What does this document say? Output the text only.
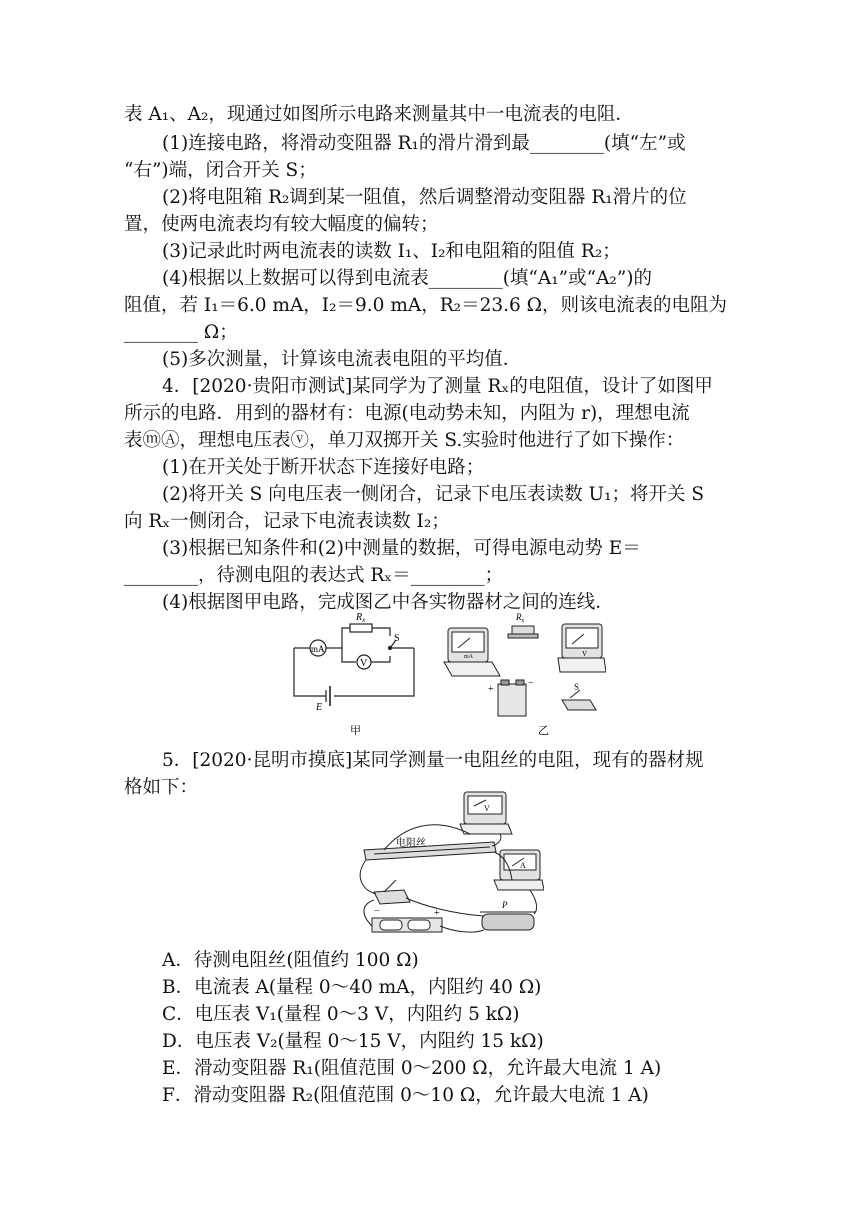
表 A₁、A₂，现通过如图所示电路来测量其中一电流表的电阻．
(1)连接电路，将滑动变阻器 R₁的滑片滑到最________(填“左”或
“右”)端，闭合开关 S；
(2)将电阻箱 R₂调到某一阻值，然后调整滑动变阻器 R₁滑片的位
置，使两电流表均有较大幅度的偏转；
(3)记录此时两电流表的读数 I₁、I₂和电阻箱的阻值 R₂；
(4)根据以上数据可以得到电流表________(填“A₁”或“A₂”)的
阻值，若 I₁＝6.0 mA，I₂＝9.0 mA，R₂＝23.6 Ω，则该电流表的电阻为
________ Ω；
(5)多次测量，计算该电流表电阻的平均值．
4．[2020·贵阳市测试]某同学为了测量 Rₓ的电阻值，设计了如图甲
所示的电路．用到的器材有：电源(电动势未知，内阻为 r)，理想电流
表ⓜⒶ，理想电压表ⓥ，单刀双掷开关 S.实验时他进行了如下操作：
(1)在开关处于断开状态下连接好电路；
(2)将开关 S 向电压表一侧闭合，记录下电压表读数 U₁；将开关 S
向 Rₓ一侧闭合，记录下电流表读数 I₂；
(3)根据已知条件和(2)中测量的数据，可得电源电动势 E＝
________，待测电阻的表达式 Rₓ＝________；
(4)根据图甲电路，完成图乙中各实物器材之间的连线．
mA
V
$R_x$
S
E
甲
mA	V
$R_x$
+
−	S
乙
5．[2020·昆明市摸底]某同学测量一电阻丝的电阻，现有的器材规
格如下：
电阻丝
V
A
P
+
−
A．待测电阻丝(阻值约 100 Ω)
B．电流表 A(量程 0～40 mA，内阻约 40 Ω)
C．电压表 V₁(量程 0～3 V，内阻约 5 kΩ)
D．电压表 V₂(量程 0～15 V，内阻约 15 kΩ)
E．滑动变阻器 R₁(阻值范围 0～200 Ω，允许最大电流 1 A)
F．滑动变阻器 R₂(阻值范围 0～10 Ω，允许最大电流 1 A)
